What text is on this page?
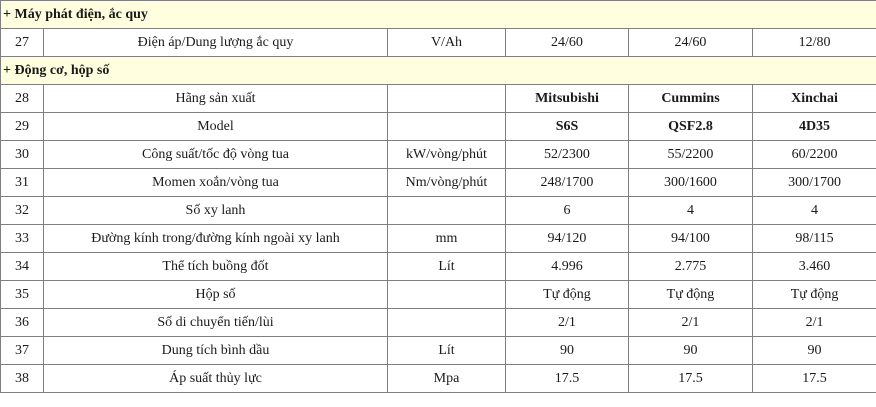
+ Máy phát điện, ắc quy					
27	Điện áp/Dung lượng ắc quy	V/Ah	24/60	24/60	12/80
+ Động cơ, hộp số					
28	Hãng sản xuất		Mitsubishi	Cummins	Xinchai
29	Model		S6S	QSF2.8	4D35
30	Công suất/tốc độ vòng tua	kW/vòng/phút	52/2300	55/2200	60/2200
31	Momen xoắn/vòng tua	Nm/vòng/phút	248/1700	300/1600	300/1700
32	Số xy lanh		6	4	4
33	Đường kính trong/đường kính ngoài xy lanh	mm	94/120	94/100	98/115
34	Thể tích buồng đốt	Lít	4.996	2.775	3.460
35	Hộp số		Tự động	Tự động	Tự động
36	Số di chuyển tiến/lùi		2/1	2/1	2/1
37	Dung tích bình dầu	Lít	90	90	90
38	Áp suất thủy lực	Mpa	17.5	17.5	17.5
